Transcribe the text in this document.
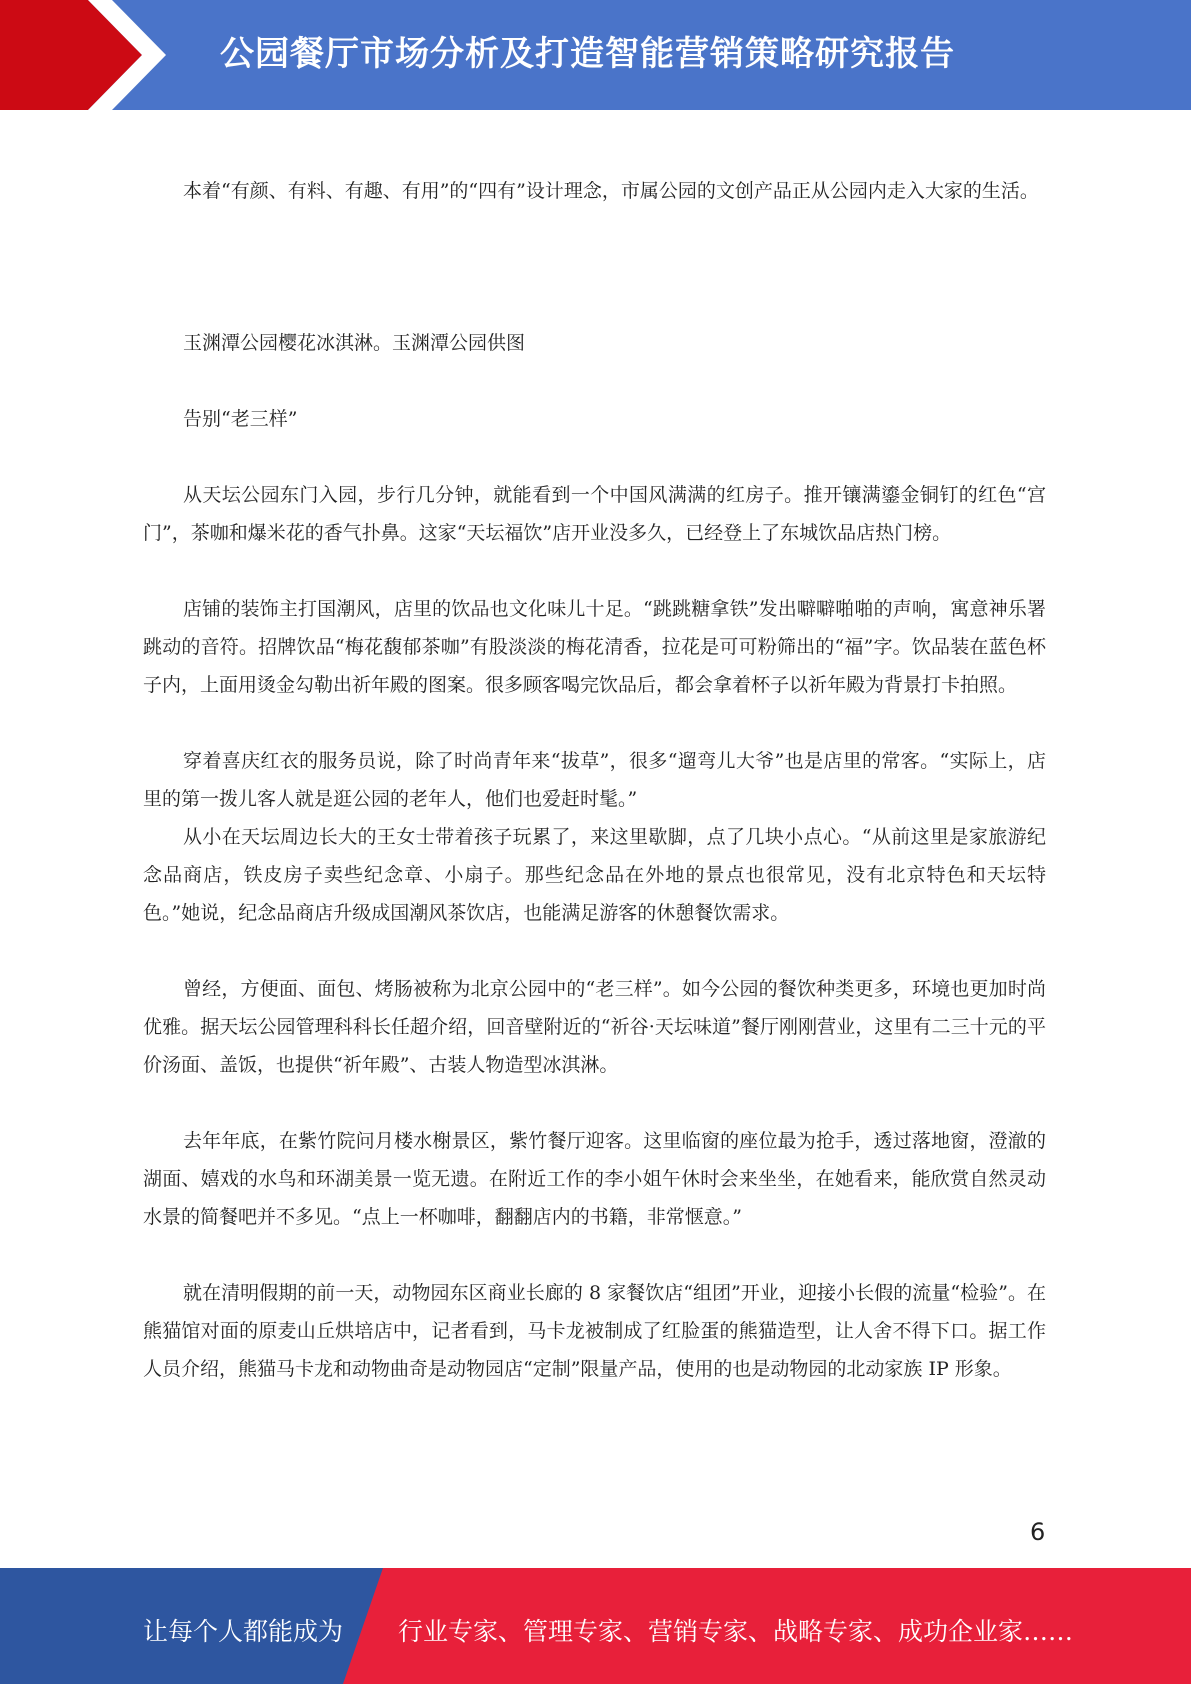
公园餐厅市场分析及打造智能营销策略研究报告

本着“有颜、有料、有趣、有用”的“四有”设计理念，市属公园的文创产品正从公园内走入大家的生活。

玉渊潭公园樱花冰淇淋。玉渊潭公园供图

告别“老三样”

从天坛公园东门入园，步行几分钟，就能看到一个中国风满满的红房子。推开镶满鎏金铜钉的红色“宫门”，茶咖和爆米花的香气扑鼻。这家“天坛福饮”店开业没多久，已经登上了东城饮品店热门榜。

店铺的装饰主打国潮风，店里的饮品也文化味儿十足。“跳跳糖拿铁”发出噼噼啪啪的声响，寓意神乐署跳动的音符。招牌饮品“梅花馥郁茶咖”有股淡淡的梅花清香，拉花是可可粉筛出的“福”字。饮品装在蓝色杯子内，上面用烫金勾勒出祈年殿的图案。很多顾客喝完饮品后，都会拿着杯子以祈年殿为背景打卡拍照。

穿着喜庆红衣的服务员说，除了时尚青年来“拔草”，很多“遛弯儿大爷”也是店里的常客。“实际上，店里的第一拨儿客人就是逛公园的老年人，他们也爱赶时髦。”

从小在天坛周边长大的王女士带着孩子玩累了，来这里歇脚，点了几块小点心。“从前这里是家旅游纪念品商店，铁皮房子卖些纪念章、小扇子。那些纪念品在外地的景点也很常见，没有北京特色和天坛特色。”她说，纪念品商店升级成国潮风茶饮店，也能满足游客的休憩餐饮需求。

曾经，方便面、面包、烤肠被称为北京公园中的“老三样”。如今公园的餐饮种类更多，环境也更加时尚优雅。据天坛公园管理科科长任超介绍，回音壁附近的“祈谷·天坛味道”餐厅刚刚营业，这里有二三十元的平价汤面、盖饭，也提供“祈年殿”、古装人物造型冰淇淋。

去年年底，在紫竹院问月楼水榭景区，紫竹餐厅迎客。这里临窗的座位最为抢手，透过落地窗，澄澈的湖面、嬉戏的水鸟和环湖美景一览无遗。在附近工作的李小姐午休时会来坐坐，在她看来，能欣赏自然灵动水景的简餐吧并不多见。“点上一杯咖啡，翻翻店内的书籍，非常惬意。”

就在清明假期的前一天，动物园东区商业长廊的 8 家餐饮店“组团”开业，迎接小长假的流量“检验”。在熊猫馆对面的原麦山丘烘培店中，记者看到，马卡龙被制成了红脸蛋的熊猫造型，让人舍不得下口。据工作人员介绍，熊猫马卡龙和动物曲奇是动物园店“定制”限量产品，使用的也是动物园的北动家族 IP 形象。

6
让每个人都能成为 行业专家、管理专家、营销专家、战略专家、成功企业家……
